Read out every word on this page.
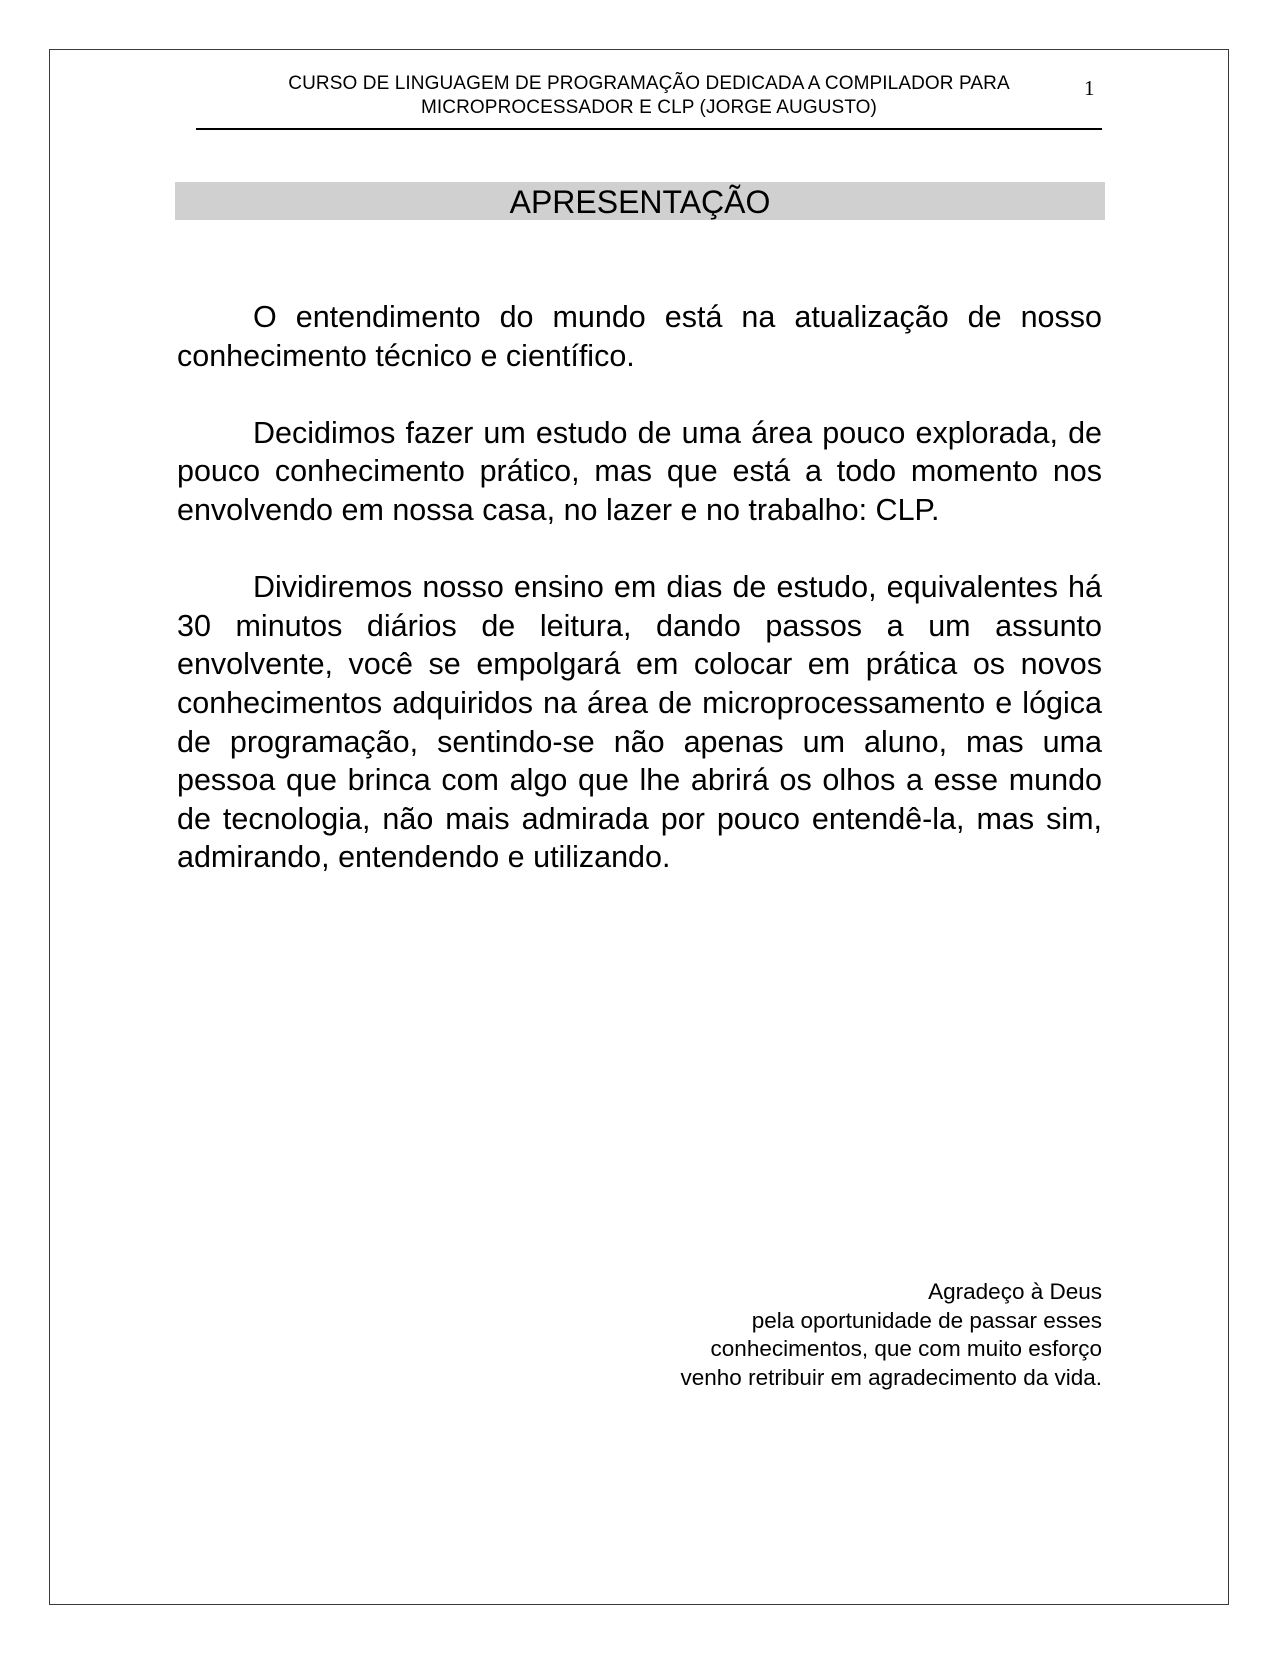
CURSO DE LINGUAGEM DE PROGRAMAÇÃO DEDICADA A COMPILADOR PARA
MICROPROCESSADOR E CLP (JORGE AUGUSTO)
1
APRESENTAÇÃO

O entendimento do mundo está na atualização de nosso conhecimento técnico e científico.

Decidimos fazer um estudo de uma área pouco explorada, de pouco conhecimento prático, mas que está a todo momento nos envolvendo em nossa casa, no lazer e no trabalho: CLP.

Dividiremos nosso ensino em dias de estudo, equivalentes há 30 minutos diários de leitura, dando passos a um assunto envolvente, você se empolgará em colocar em prática os novos conhecimentos adquiridos na área de microprocessamento e lógica de programação, sentindo-se não apenas um aluno, mas uma pessoa que brinca com algo que lhe abrirá os olhos a esse mundo de tecnologia, não mais admirada por pouco entendê-la, mas sim, admirando, entendendo e utilizando.

Agradeço à Deus
pela oportunidade de passar esses
conhecimentos, que com muito esforço
venho retribuir em agradecimento da vida.
